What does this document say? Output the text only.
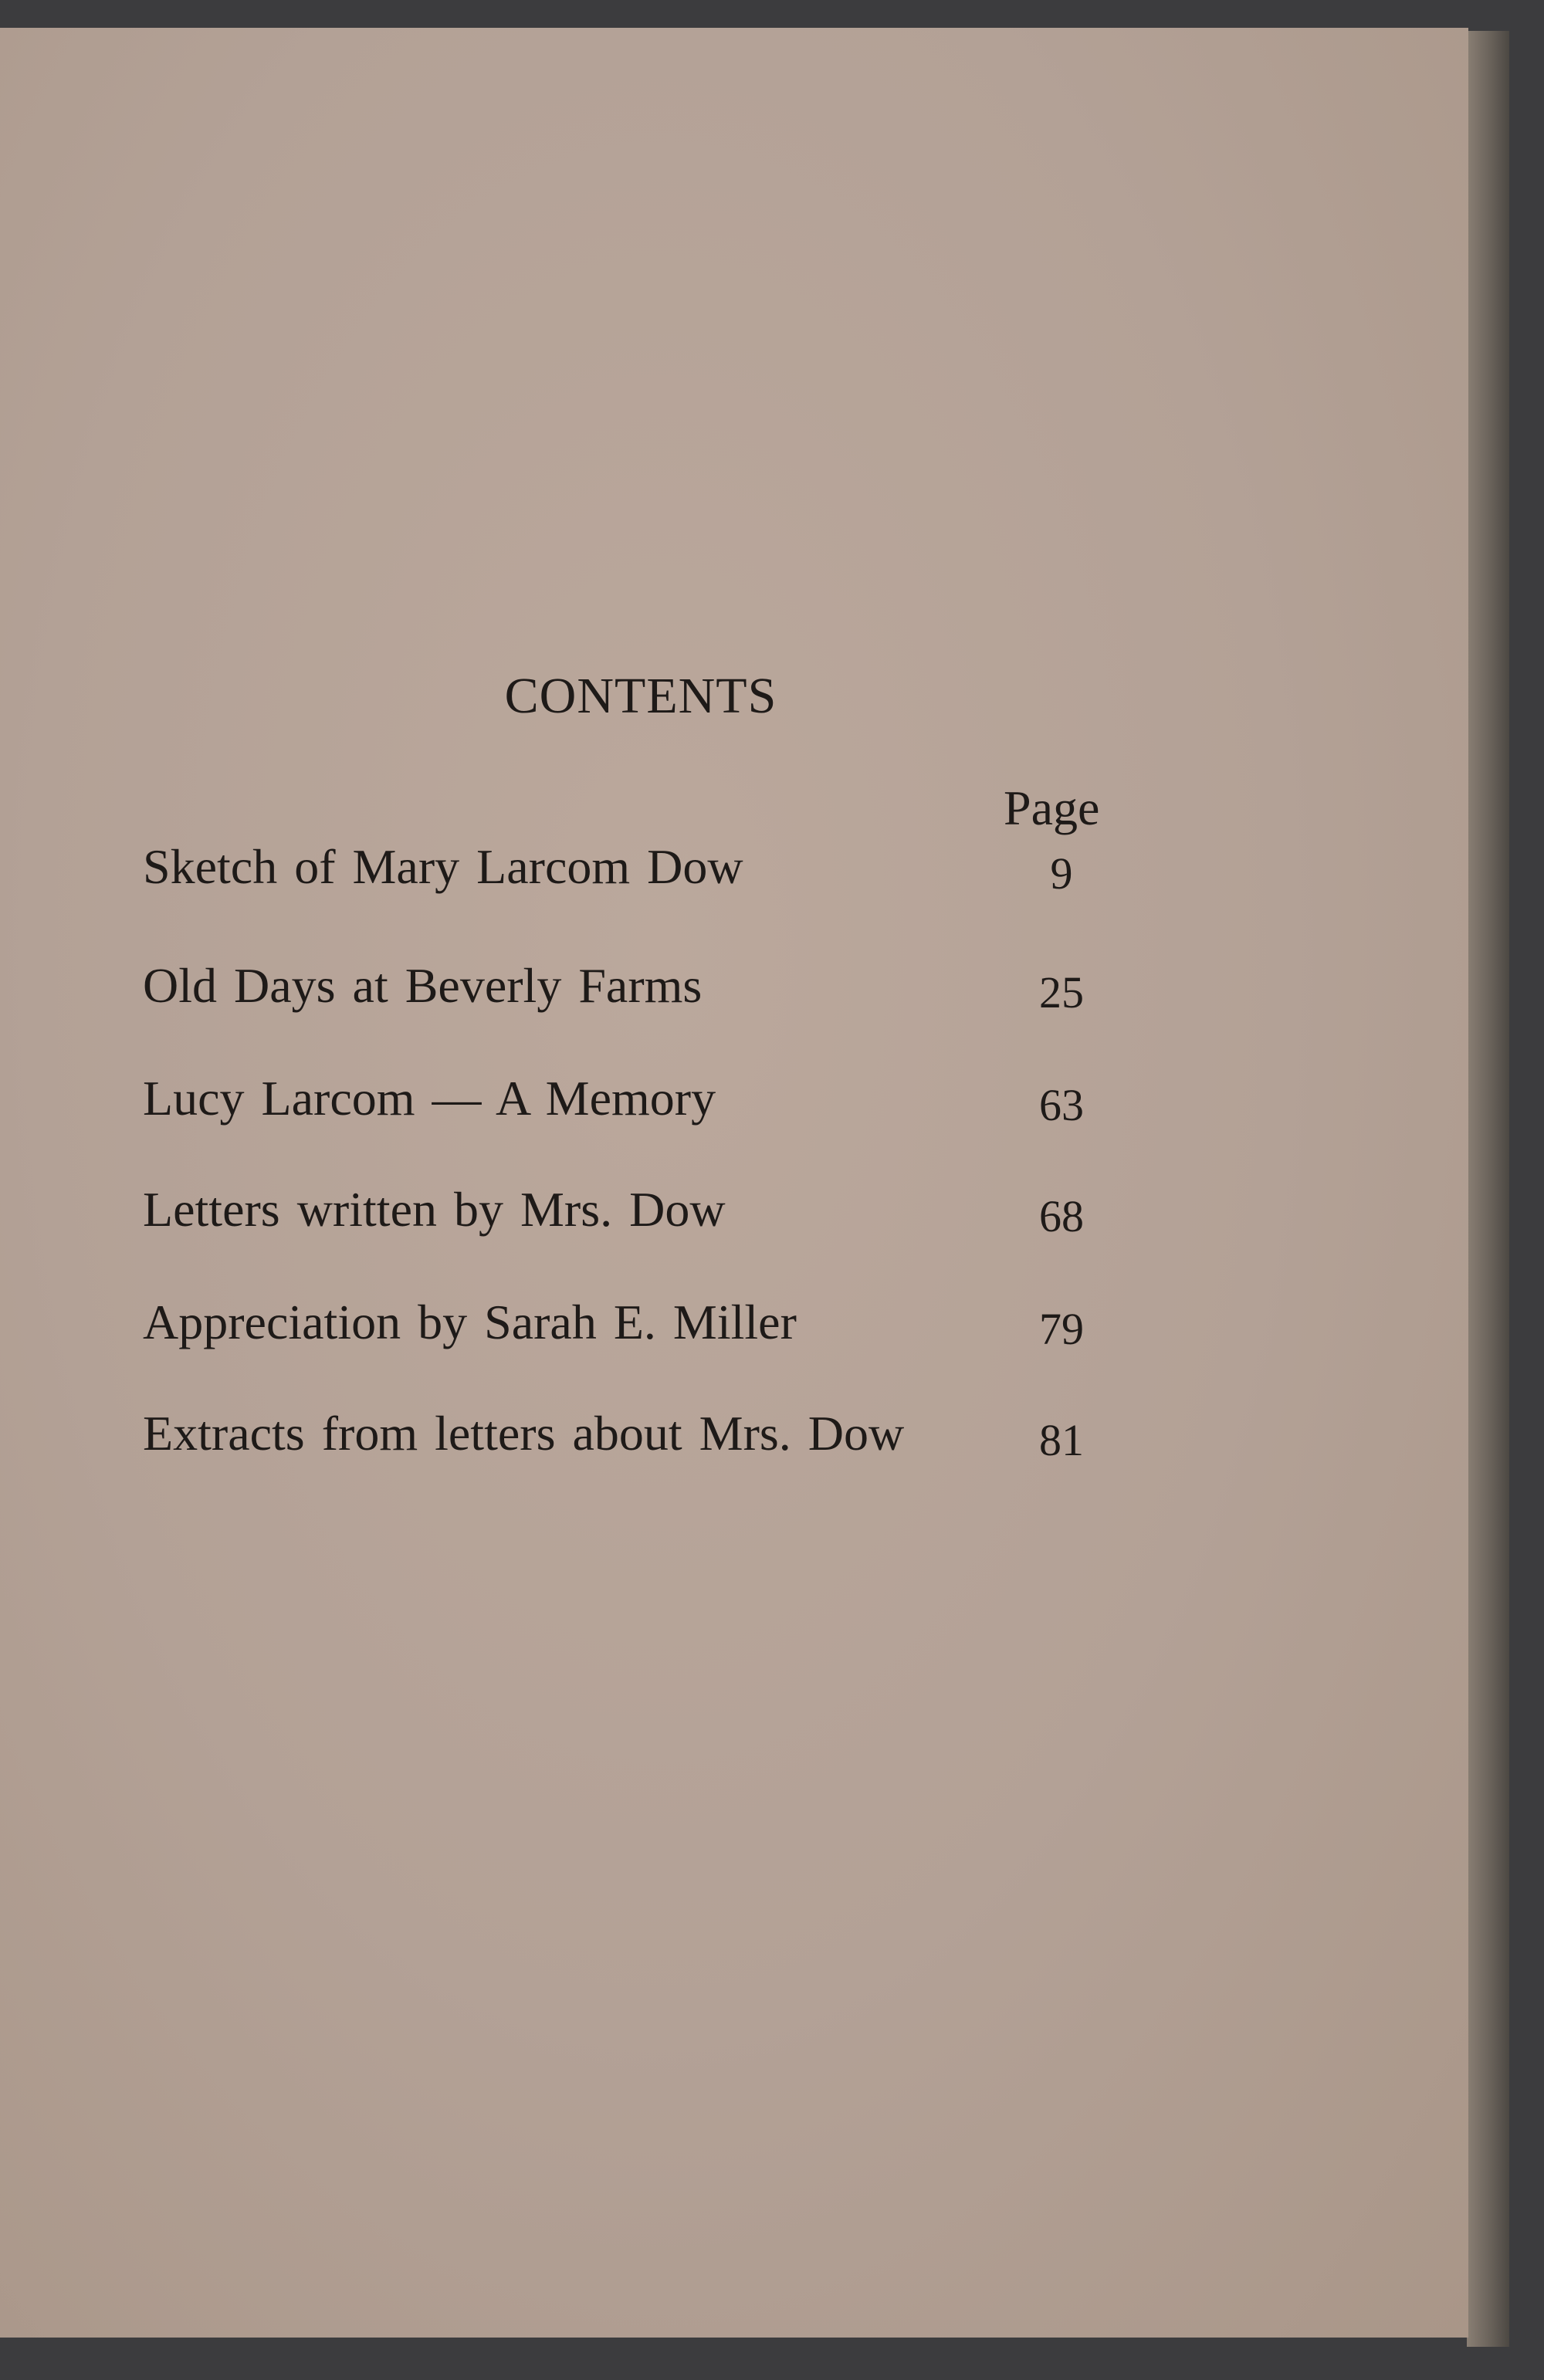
CONTENTS
Page
Sketch of Mary Larcom Dow	9
Old Days at Beverly Farms	25
Lucy Larcom — A Memory	63
Letters written by Mrs. Dow	68
Appreciation by Sarah E. Miller	79
Extracts from letters about Mrs. Dow	81
